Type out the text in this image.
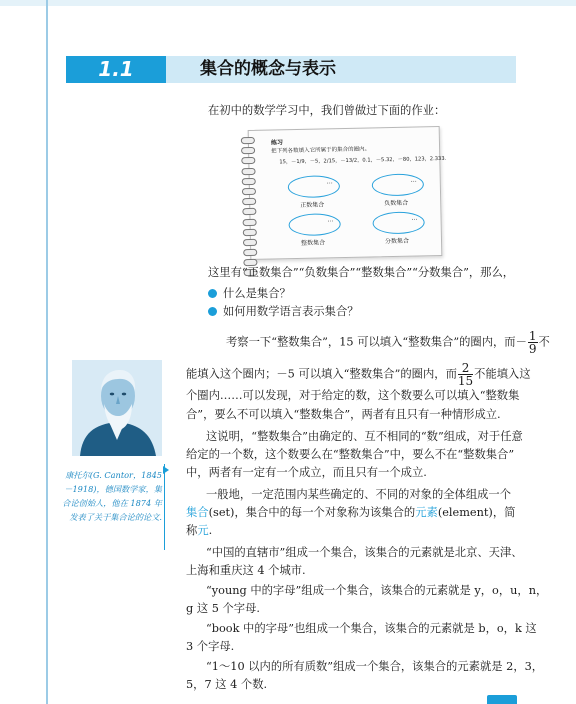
1.1	集合的概念与表示

在初中的数学学习中，我们曾做过下面的作业：

练习
把下列各数填入它所属于的集合的圈内。
15，－1/9，－5，2/15，－13/2，0.1，－5.32，－80，123，2.333．
…
正数集合
…
负数集合
…
整数集合
…
分数集合

这里有“正数集合”“负数集合”“整数集合”“分数集合”，那么，

什么是集合？
如何用数学语言表示集合？

考察一下“整数集合”，15 可以填入“整数集合”的圈内，而－ $\frac{1}{9}$ 不

能填入这个圈内；－5 可以填入“整数集合”的圈内，而 $\frac{2}{15}$ 不能填入这

个圈内……可以发现，对于给定的数，这个数要么可以填入“整数集

合”，要么不可以填入“整数集合”，两者有且只有一种情形成立.

这说明，“整数集合”由确定的、互不相同的“数”组成，对于任意

给定的一个数，这个数要么在“整数集合”中，要么不在“整数集合”

中，两者有一定有一个成立，而且只有一个成立.

一般地，一定范围内某些确定的、不同的对象的全体组成一个

集合(set)，集合中的每一个对象称为该集合的元素(element)，简

称元.

康托尔(G. Cantor，1845－1918)，德国数学家，集合论创始人，他在 1874 年发表了关于集合论的论文.

“中国的直辖市”组成一个集合，该集合的元素就是北京、天津、

上海和重庆这 4 个城市.

“young 中的字母”组成一个集合，该集合的元素就是 y，o，u，n，

g 这 5 个字母.

“book 中的字母”也组成一个集合，该集合的元素就是 b，o，k 这

3 个字母.

“1～10 以内的所有质数”组成一个集合，该集合的元素就是 2，3，

5，7 这 4 个数.
